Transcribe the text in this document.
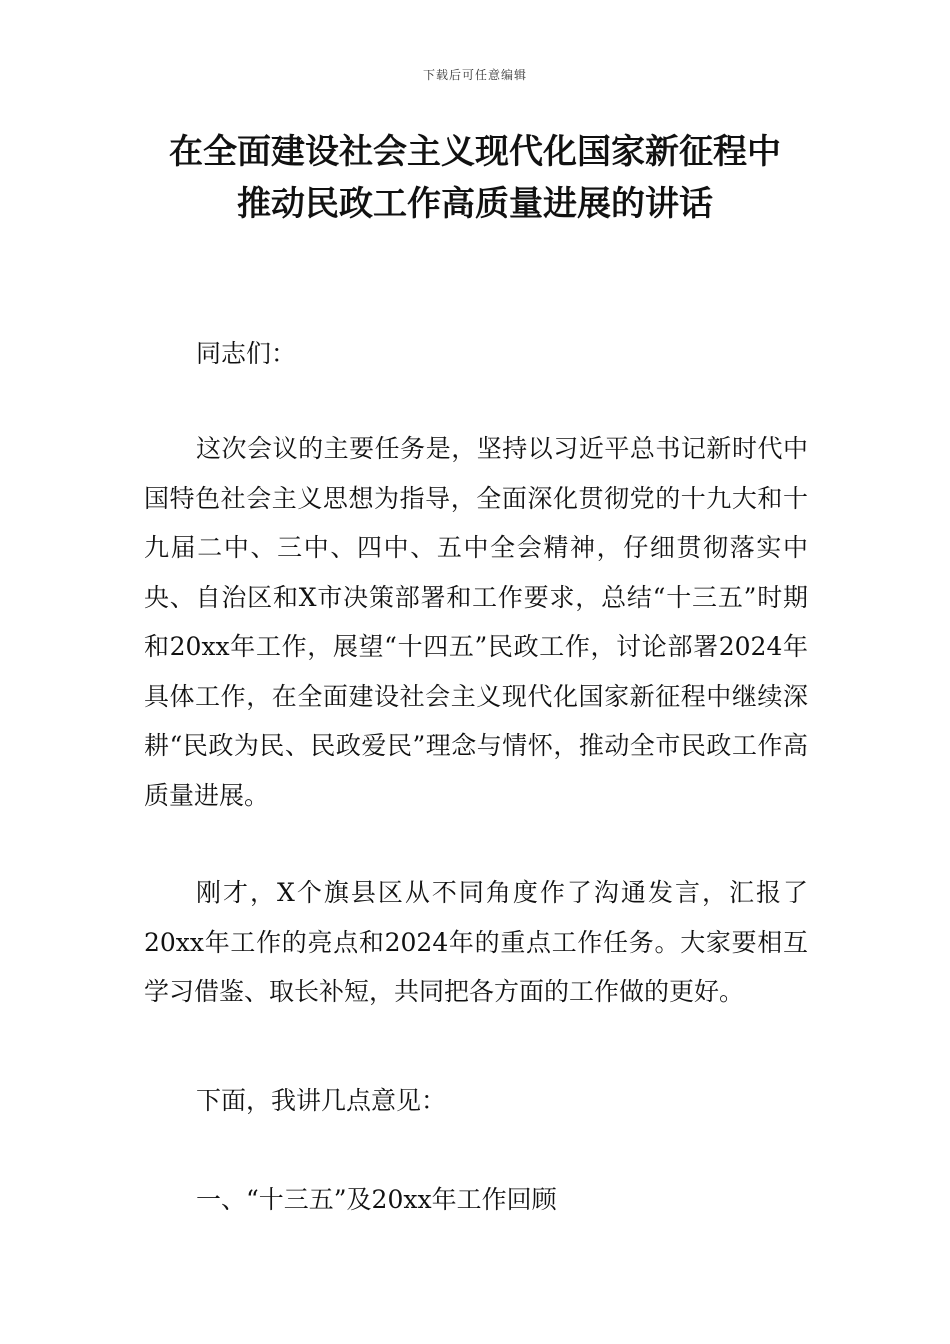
下载后可任意编辑
在全面建设社会主义现代化国家新征程中
推动民政工作高质量进展的讲话

同志们：

这次会议的主要任务是，坚持以习近平总书记新时代中国特色社会主义思想为指导，全面深化贯彻党的十九大和十九届二中、三中、四中、五中全会精神，仔细贯彻落实中央、自治区和X市决策部署和工作要求，总结“十三五”时期和20xx年工作，展望“十四五”民政工作，讨论部署2024年具体工作，在全面建设社会主义现代化国家新征程中继续深耕“民政为民、民政爱民”理念与情怀，推动全市民政工作高质量进展。

刚才，X个旗县区从不同角度作了沟通发言，汇报了20xx年工作的亮点和2024年的重点工作任务。大家要相互学习借鉴、取长补短，共同把各方面的工作做的更好。

下面，我讲几点意见：

一、“十三五”及20xx年工作回顾
